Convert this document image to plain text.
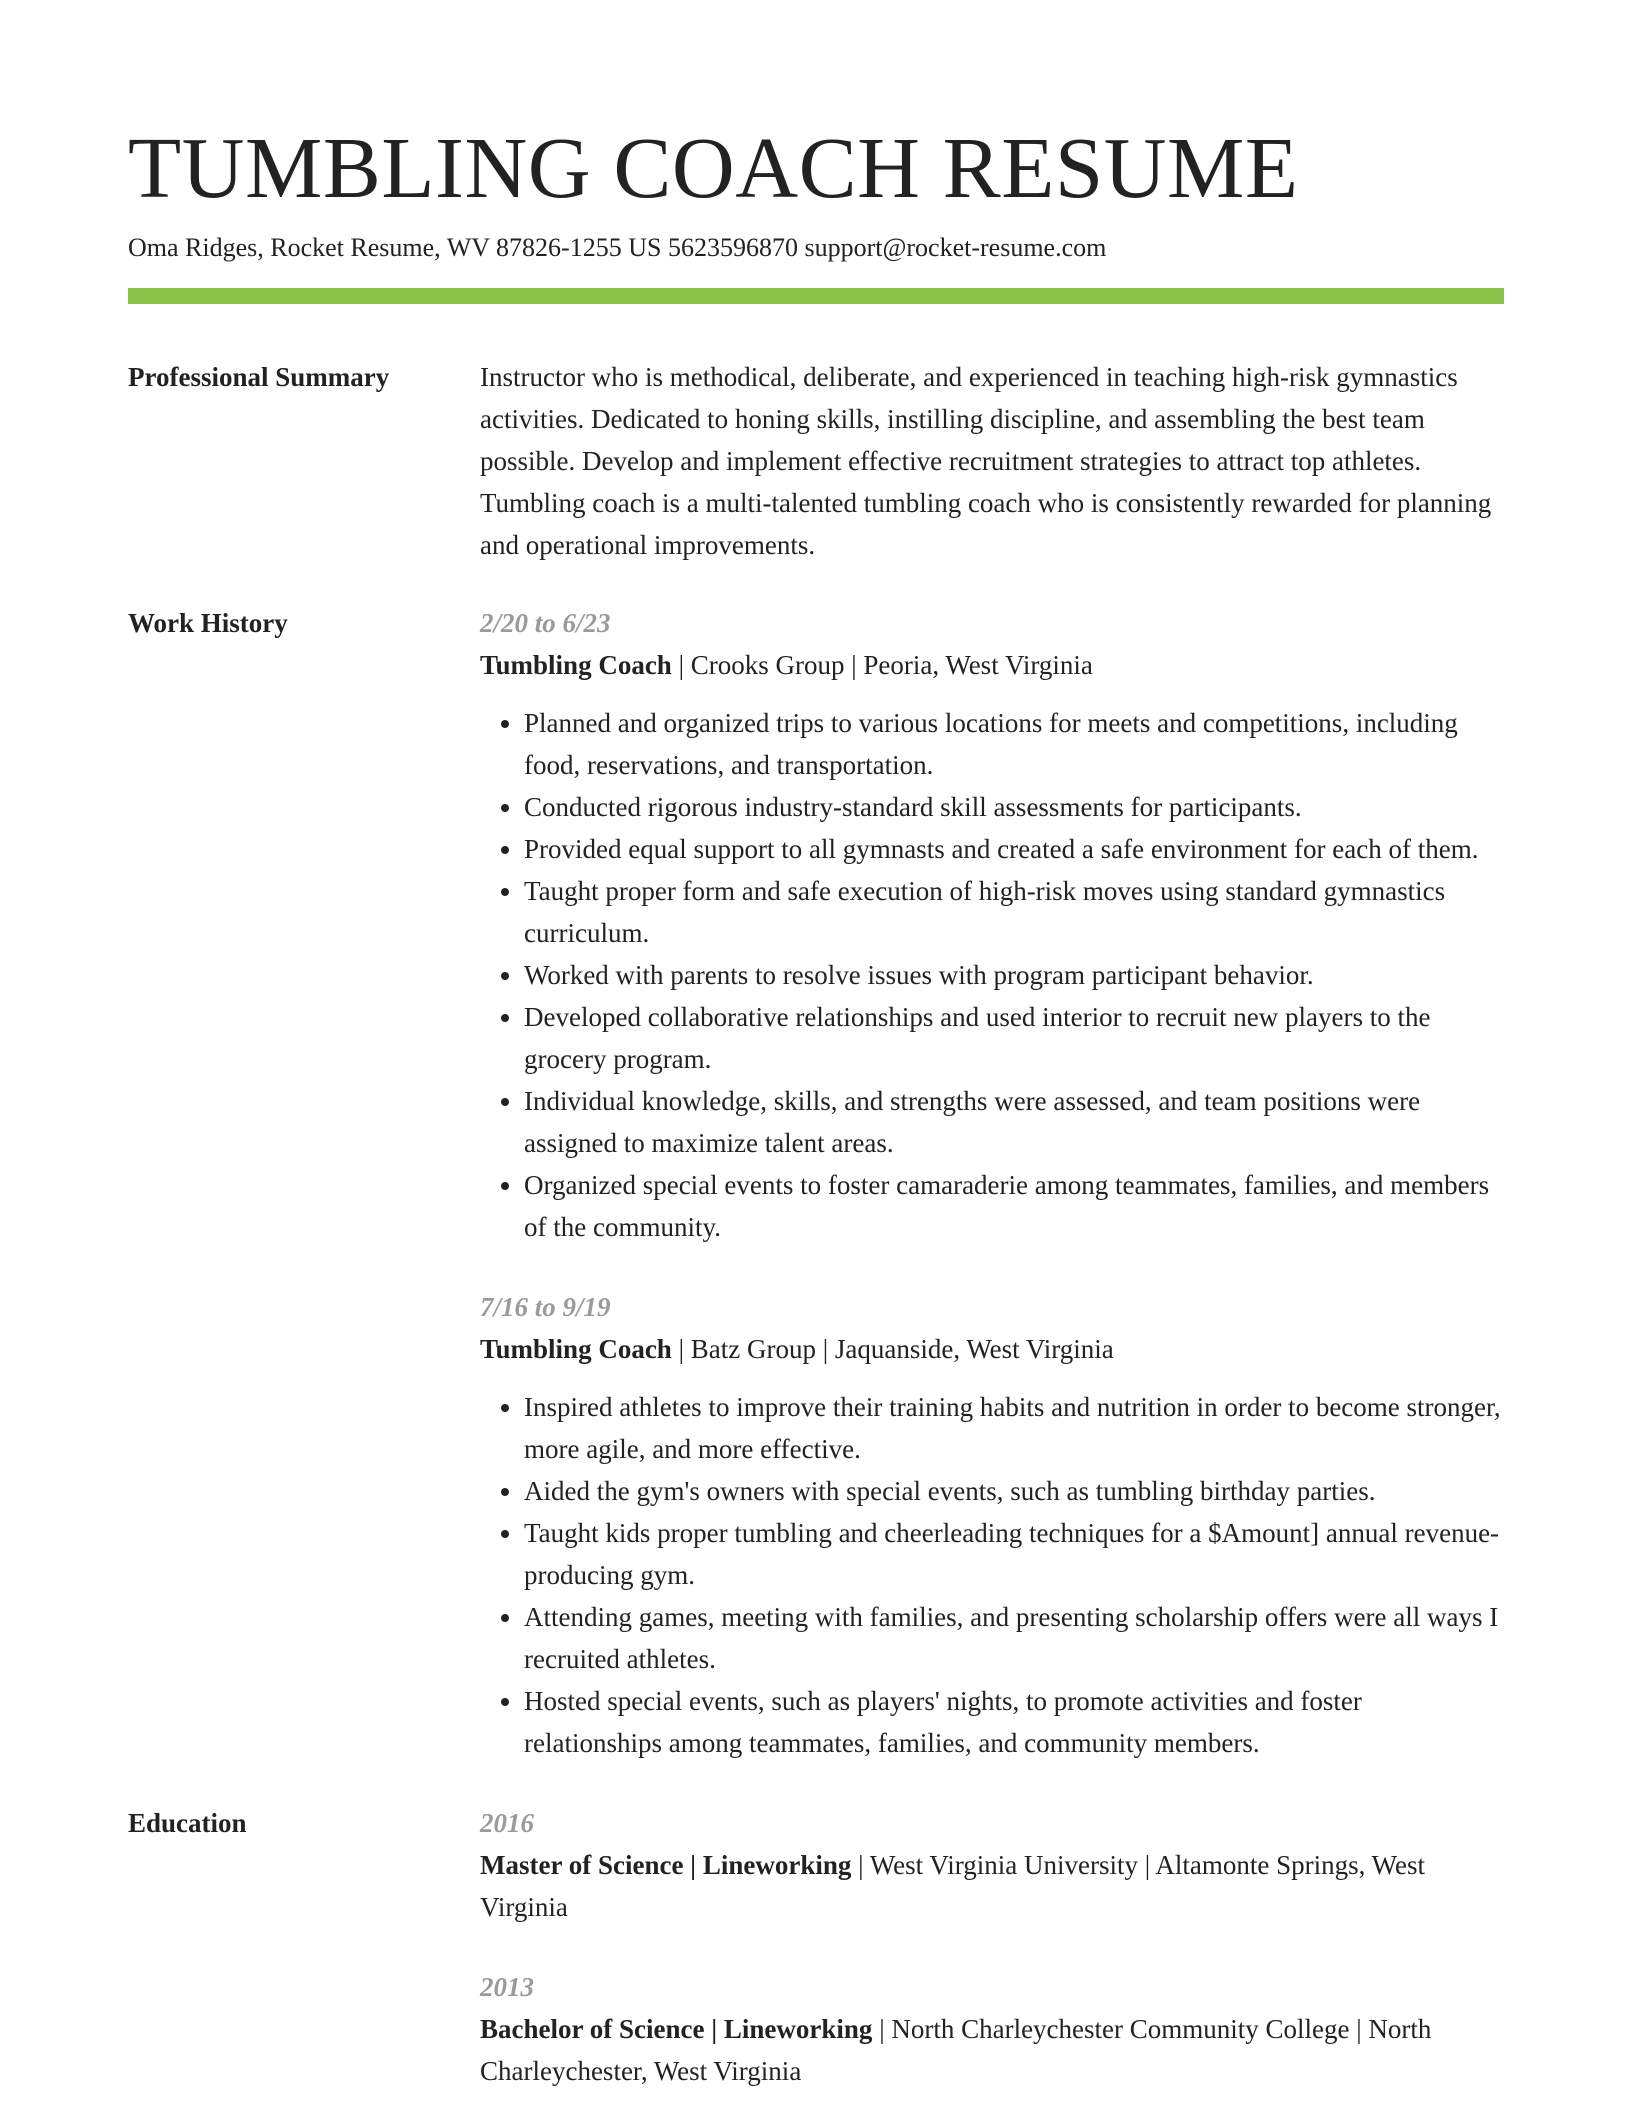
TUMBLING COACH RESUME
Oma Ridges, Rocket Resume, WV 87826-1255 US 5623596870 support@rocket-resume.com
Professional Summary	Instructor who is methodical, deliberate, and experienced in teaching high-risk gymnastics activities. Dedicated to honing skills, instilling discipline, and assembling the best team possible. Develop and implement effective recruitment strategies to attract top athletes. Tumbling coach is a multi-talented tumbling coach who is consistently rewarded for planning and operational improvements.

Work History	2/20 to 6/23
Tumbling Coach | Crooks Group | Peoria, West Virginia
• Planned and organized trips to various locations for meets and competitions, including food, reservations, and transportation.
• Conducted rigorous industry-standard skill assessments for participants.
• Provided equal support to all gymnasts and created a safe environment for each of them.
• Taught proper form and safe execution of high-risk moves using standard gymnastics curriculum.
• Worked with parents to resolve issues with program participant behavior.
• Developed collaborative relationships and used interior to recruit new players to the grocery program.
• Individual knowledge, skills, and strengths were assessed, and team positions were assigned to maximize talent areas.
• Organized special events to foster camaraderie among teammates, families, and members of the community.
7/16 to 9/19
Tumbling Coach | Batz Group | Jaquanside, West Virginia
• Inspired athletes to improve their training habits and nutrition in order to become stronger, more agile, and more effective.
• Aided the gym's owners with special events, such as tumbling birthday parties.
• Taught kids proper tumbling and cheerleading techniques for a $Amount] annual revenue-producing gym.
• Attending games, meeting with families, and presenting scholarship offers were all ways I recruited athletes.
• Hosted special events, such as players' nights, to promote activities and foster relationships among teammates, families, and community members.
Education	2016
Master of Science | Lineworking | West Virginia University | Altamonte Springs, West Virginia
2013
Bachelor of Science | Lineworking | North Charleychester Community College | North Charleychester, West Virginia
